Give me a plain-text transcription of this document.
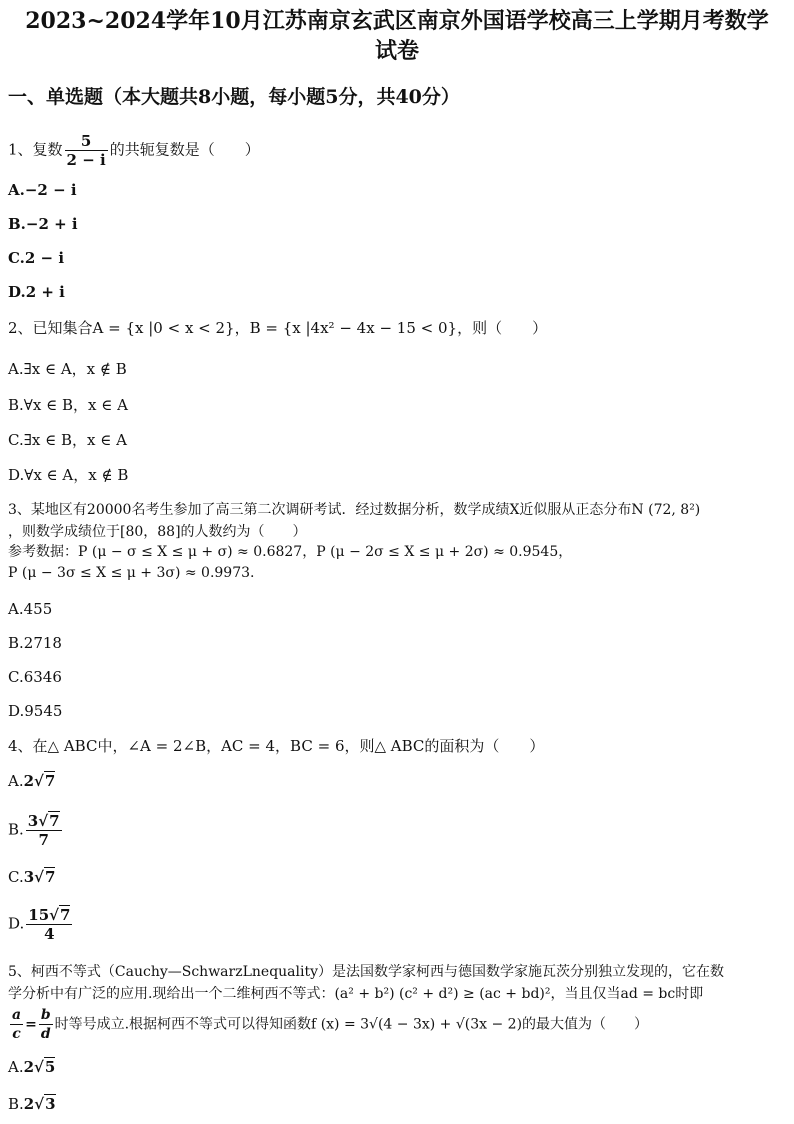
2023~2024学年10月江苏南京玄武区南京外国语学校高三上学期月考数学
试卷
一、单选题（本大题共8小题，每小题5分，共40分）
1、复数 $\frac{5}{2 - i}$ 的共轭复数是（　　）
A.−2 − i
B.−2 + i
C.2 − i
D.2 + i
2、已知集合A = {x |0 < x < 2}，B = {x |4x² − 4x − 15 < 0}，则（　　）
A.∃x ∈ A，x ∉ B
B.∀x ∈ B，x ∈ A
C.∃x ∈ B，x ∈ A
D.∀x ∈ A，x ∉ B
3、某地区有20000名考生参加了高三第二次调研考试．经过数据分析，数学成绩X近似服从正态分布N (72, 8²)
，则数学成绩位于[80，88]的人数约为（　　）
参考数据：P (μ − σ ≤ X ≤ μ + σ) ≈ 0.6827，P (μ − 2σ ≤ X ≤ μ + 2σ) ≈ 0.9545，
P (μ − 3σ ≤ X ≤ μ + 3σ) ≈ 0.9973.
A.455
B.2718
C.6346
D.9545
4、在△ ABC中，∠A = 2∠B，AC = 4，BC = 6，则△ ABC的面积为（　　）
A.2√7
B. $\frac{3√7}{7}$
C.3√7
D. $\frac{15√7}{4}$
5、柯西不等式（Cauchy—SchwarzLnequality）是法国数学家柯西与德国数学家施瓦茨分别独立发现的，它在数
学分析中有广泛的应用.现给出一个二维柯西不等式：(a² + b²) (c² + d²) ≥ (ac + bd)²，当且仅当ad = bc时即
$\frac{a}{c} = \frac{b}{d}$ 时等号成立.根据柯西不等式可以得知函数f (x) = 3√(4 − 3x) + √(3x − 2)的最大值为（　　）
A.2√5
B.2√3
